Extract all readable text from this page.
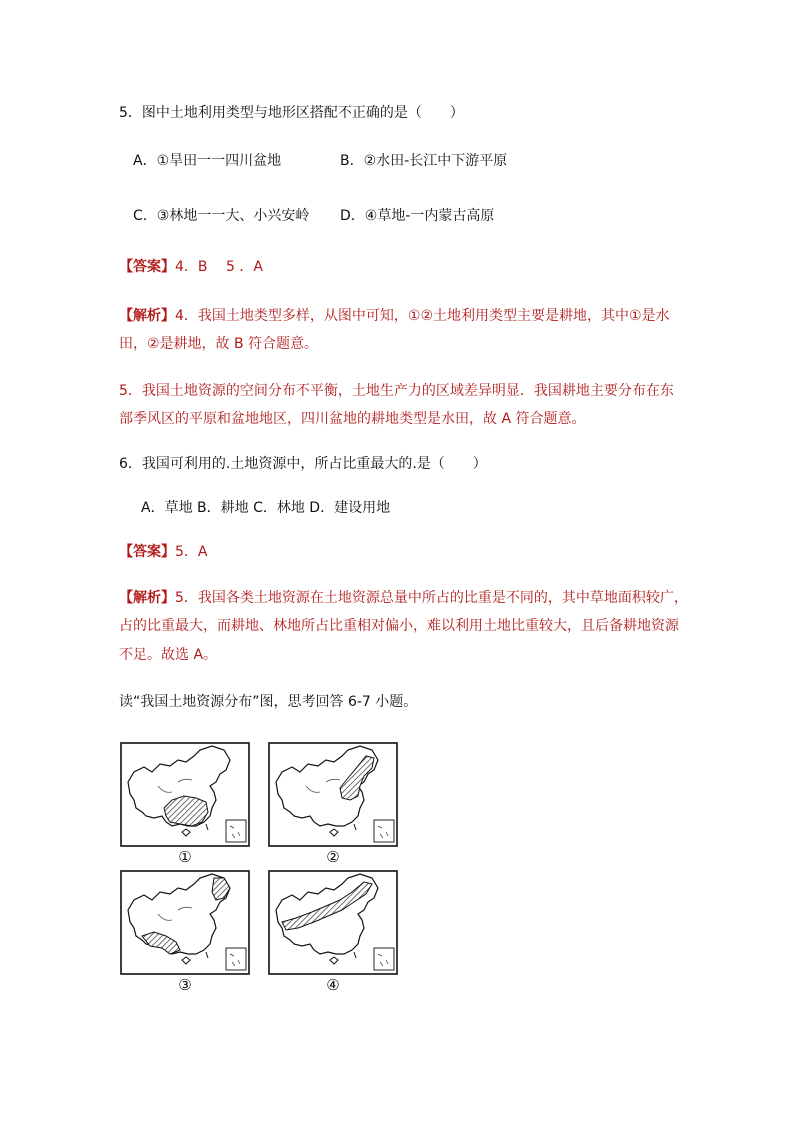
5．图中土地利用类型与地形区搭配不正确的是（　　）
A．①旱田一一四川盆地	B．②水田-长江中下游平原
C．③林地一一大、小兴安岭 D．④草地-一内蒙古高原
【答案】4．B　 5 ．A
【解析】4．我国土地类型多样，从图中可知，①②土地利用类型主要是耕地，其中①是水
田，②是耕地，故 B 符合题意。
5．我国土地资源的空间分布不平衡，土地生产力的区域差异明显．我国耕地主要分布在东
部季风区的平原和盆地地区，四川盆地的耕地类型是水田，故 A 符合题意。
6．我国可利用的.土地资源中，所占比重最大的.是（　　）
A．草地 B．耕地 C．林地 D．建设用地
【答案】5．A
【解析】5．我国各类土地资源在土地资源总量中所占的比重是不同的，其中草地面积较广，
占的比重最大，而耕地、林地所占比重相对偏小，难以利用土地比重较大，且后备耕地资源
不足。故选 A。
读“我国土地资源分布”图，思考回答 6-7 小题。
①	②
③	④
